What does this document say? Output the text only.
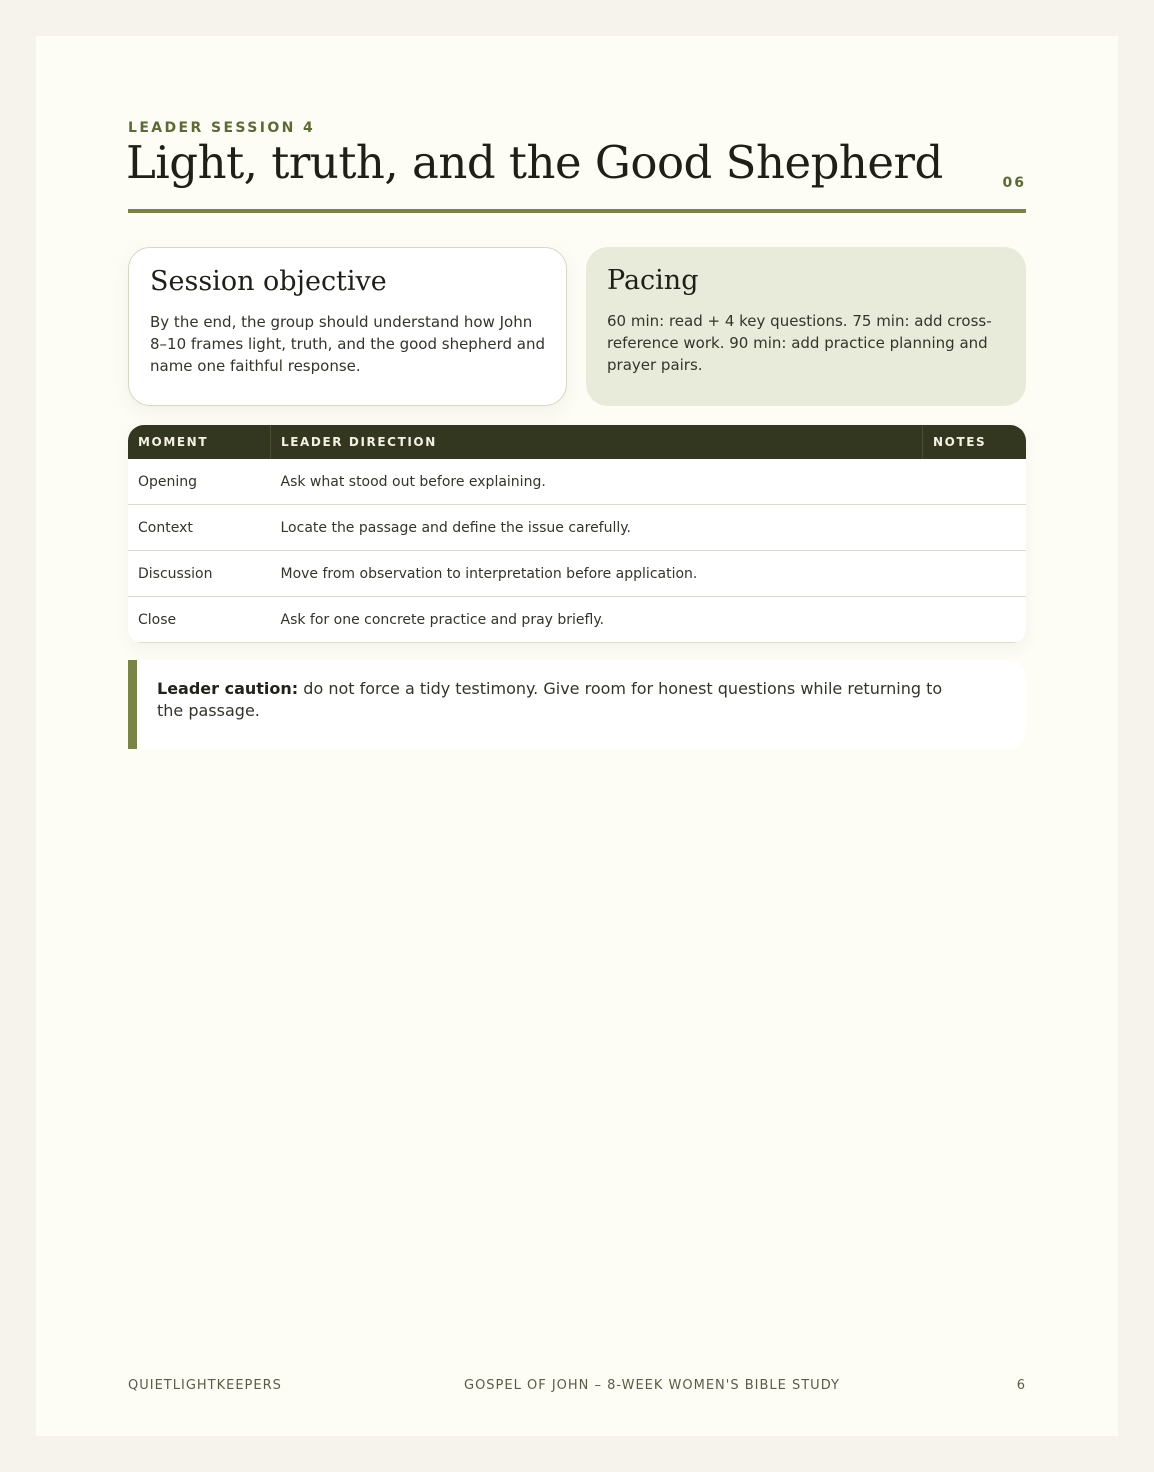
LEADER SESSION 4
Light, truth, and the Good Shepherd	06
Session objective

By the end, the group should understand how John 8–10 frames light, truth, and the good shepherd and name one faithful response.

Pacing

60 min: read + 4 key questions. 75 min: add cross-reference work. 90 min: add practice planning and prayer pairs.

MOMENT	LEADER DIRECTION	NOTES
Opening	Ask what stood out before explaining.	
Context	Locate the passage and define the issue carefully.	
Discussion	Move from observation to interpretation before application.	
Close	Ask for one concrete practice and pray briefly.	
Leader caution: do not force a tidy testimony. Give room for honest questions while returning to the passage.
QUIETLIGHTKEEPERS	GOSPEL OF JOHN – 8-WEEK WOMEN'S BIBLE STUDY	6
